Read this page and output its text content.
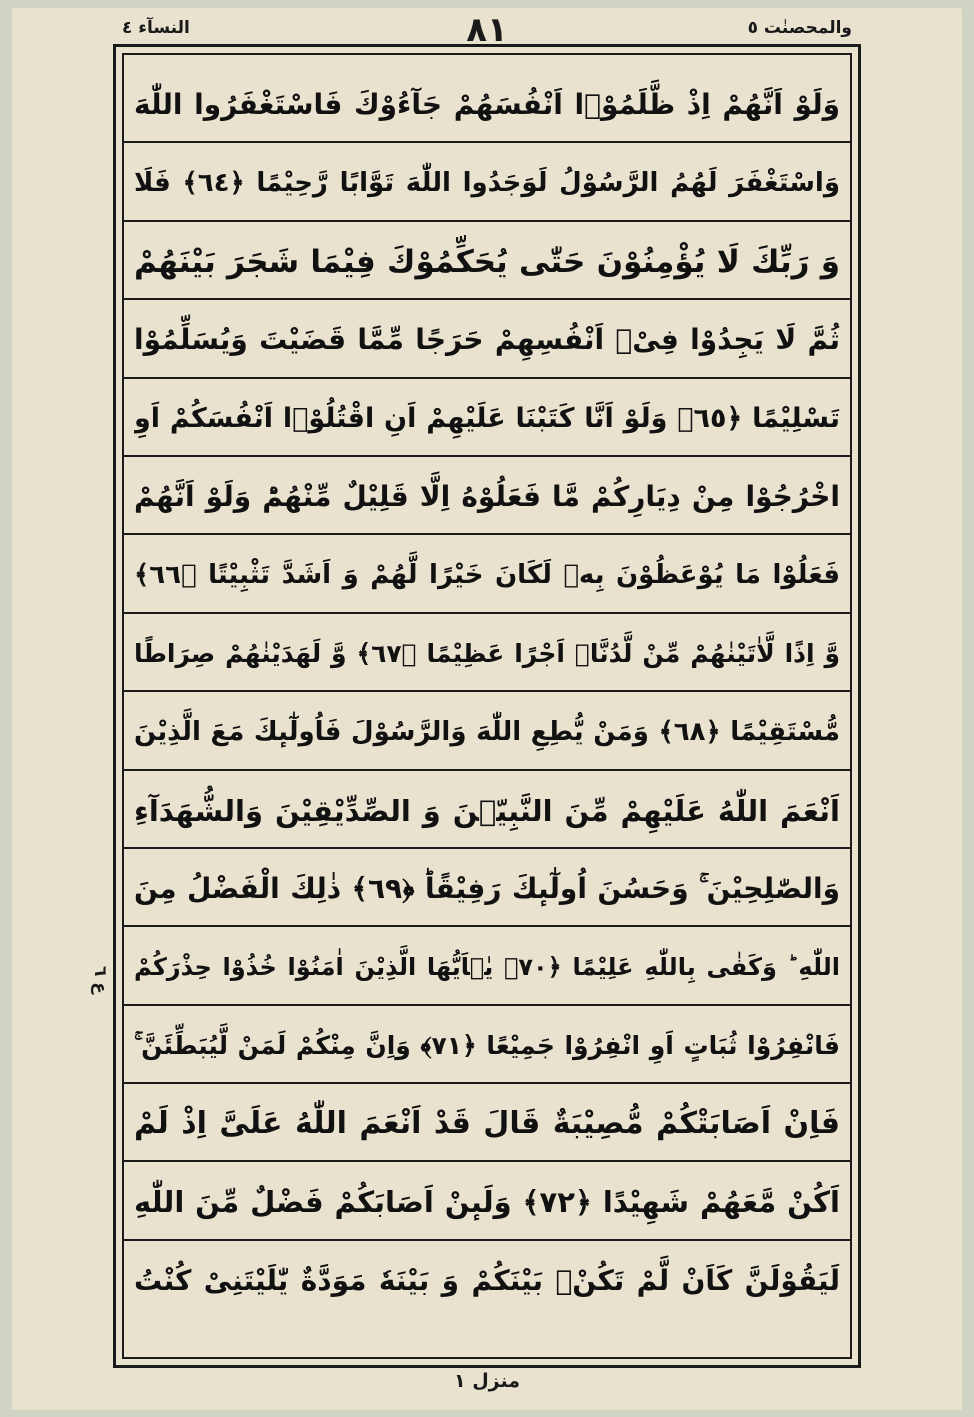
النسآء ٤	٨١	والمحصنٰت ٥
وَلَوْ اَنَّهُمْ اِذْ ظَّلَمُوْۤا اَنْفُسَهُمْ جَآءُوْكَ فَاسْتَغْفَرُوا اللّٰهَ
وَاسْتَغْفَرَ لَهُمُ الرَّسُوْلُ لَوَجَدُوا اللّٰهَ تَوَّابًا رَّحِیْمًا ﴿٦٤﴾ فَلَا
وَ رَبِّكَ لَا یُؤْمِنُوْنَ حَتّٰى یُحَكِّمُوْكَ فِیْمَا شَجَرَ بَیْنَهُمْ
ثُمَّ لَا یَجِدُوْا فِیْۤ اَنْفُسِهِمْ حَرَجًا مِّمَّا قَضَیْتَ وَیُسَلِّمُوْا
تَسْلِیْمًا ﴿٦٥﴾ وَلَوْ اَنَّا كَتَبْنَا عَلَیْهِمْ اَنِ اقْتُلُوْۤا اَنْفُسَكُمْ اَوِ
اخْرُجُوْا مِنْ دِیَارِكُمْ مَّا فَعَلُوْهُ اِلَّا قَلِیْلٌ مِّنْهُمْؕ وَلَوْ اَنَّهُمْ
فَعَلُوْا مَا یُوْعَظُوْنَ بِهٖ لَكَانَ خَیْرًا لَّهُمْ وَ اَشَدَّ تَثْبِیْتًا ﴿٦٦﴾
وَّ اِذًا لَّاٰتَیْنٰهُمْ مِّنْ لَّدُنَّاۤ اَجْرًا عَظِیْمًا ﴿٦٧﴾ وَّ لَهَدَیْنٰهُمْ صِرَاطًا
مُّسْتَقِیْمًا ﴿٦٨﴾ وَمَنْ یُّطِعِ اللّٰهَ وَالرَّسُوْلَ فَاُولٰٓىٕكَ مَعَ الَّذِیْنَ
اَنْعَمَ اللّٰهُ عَلَیْهِمْ مِّنَ النَّبِیّٖنَ وَ الصِّدِّیْقِیْنَ وَالشُّهَدَآءِ
وَالصّٰلِحِیْنَ ۚ وَحَسُنَ اُولٰٓىٕكَ رَفِیْقًاؕ ﴿٦٩﴾ ذٰلِكَ الْفَضْلُ مِنَ
اللّٰهِ ؕ وَكَفٰى بِاللّٰهِ عَلِیْمًا ﴿٧٠﴾ یٰۤاَیُّهَا الَّذِیْنَ اٰمَنُوْا خُذُوْا حِذْرَكُمْ
فَانْفِرُوْا ثُبَاتٍ اَوِ انْفِرُوْا جَمِیْعًا ﴿٧١﴾ وَاِنَّ مِنْكُمْ لَمَنْ لَّیُبَطِّئَنَّ ۚ
فَاِنْ اَصَابَتْكُمْ مُّصِیْبَةٌ قَالَ قَدْ اَنْعَمَ اللّٰهُ عَلَیَّ اِذْ لَمْ
اَكُنْ مَّعَهُمْ شَهِیْدًا ﴿٧٢﴾ وَلَىٕنْ اَصَابَكُمْ فَضْلٌ مِّنَ اللّٰهِ
لَیَقُوْلَنَّ كَاَنْ لَّمْ تَكُنْۢ بَیْنَكُمْ وَ بَیْنَهٗ مَوَدَّةٌ یّٰلَیْتَنِیْ كُنْتُ
ع ٦
منزل ١
